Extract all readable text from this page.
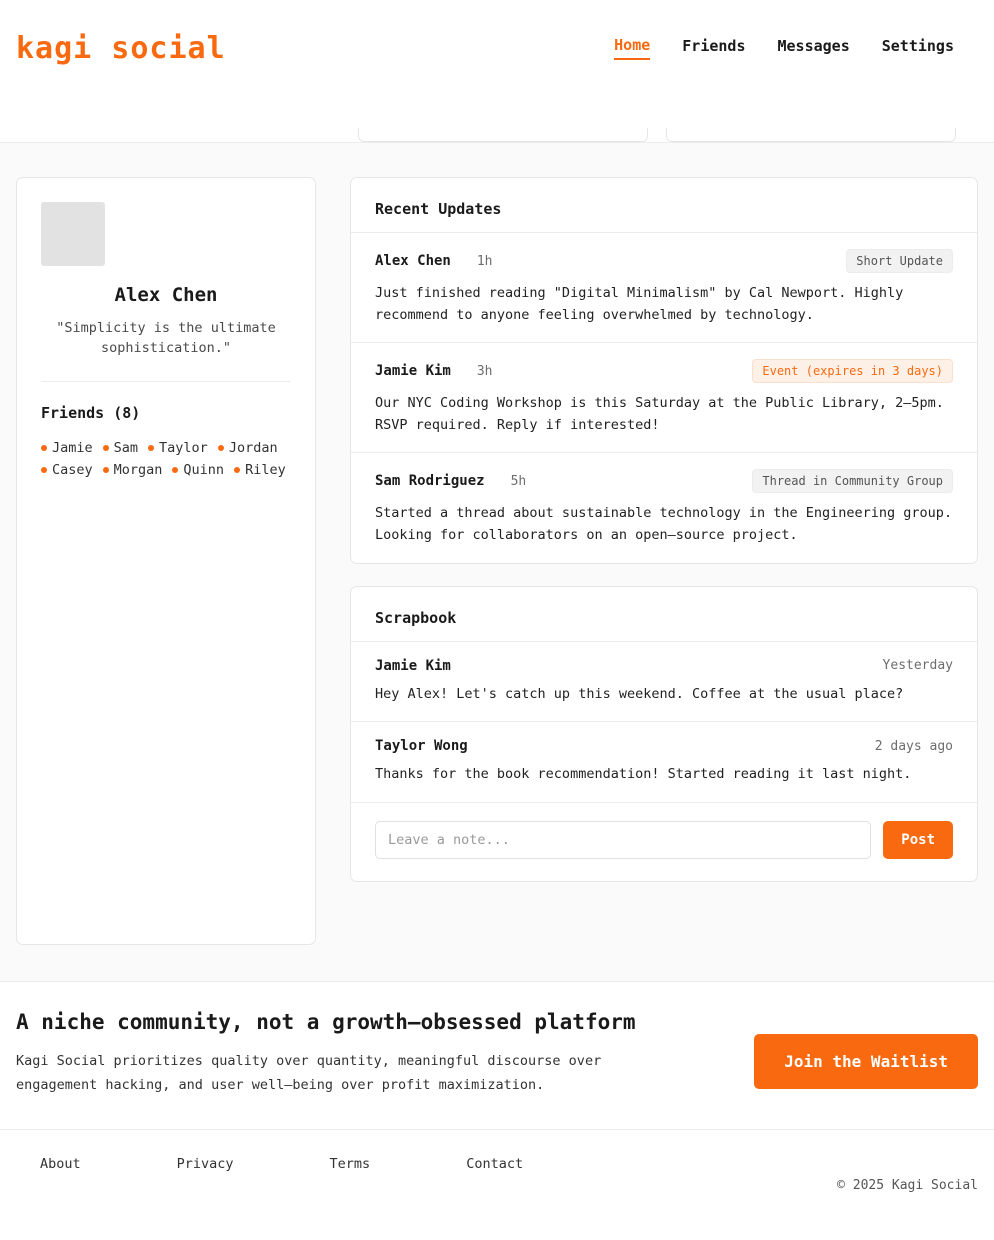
kagi social	Home Friends Messages Settings
Alex Chen
"Simplicity is the ultimate sophistication."
Friends (8)
Jamie Sam Taylor Jordan
Casey Morgan Quinn Riley
Recent Updates
Alex Chen 1h	Short Update
Just finished reading "Digital Minimalism" by Cal Newport. Highly recommend to anyone feeling overwhelmed by technology.
Jamie Kim 3h	Event (expires in 3 days)
Our NYC Coding Workshop is this Saturday at the Public Library, 2–5pm. RSVP required. Reply if interested!
Sam Rodriguez 5h	Thread in Community Group
Started a thread about sustainable technology in the Engineering group. Looking for collaborators on an open–source project.
Scrapbook
Jamie Kim	Yesterday
Hey Alex! Let's catch up this weekend. Coffee at the usual place?
Taylor Wong	2 days ago
Thanks for the book recommendation! Started reading it last night.
Leave a note...
Post
A niche community, not a growth–obsessed platform

Kagi Social prioritizes quality over quantity, meaningful discourse over engagement hacking, and user well–being over profit maximization.

Join the Waitlist
About	Privacy	Terms	Contact
© 2025 Kagi Social
